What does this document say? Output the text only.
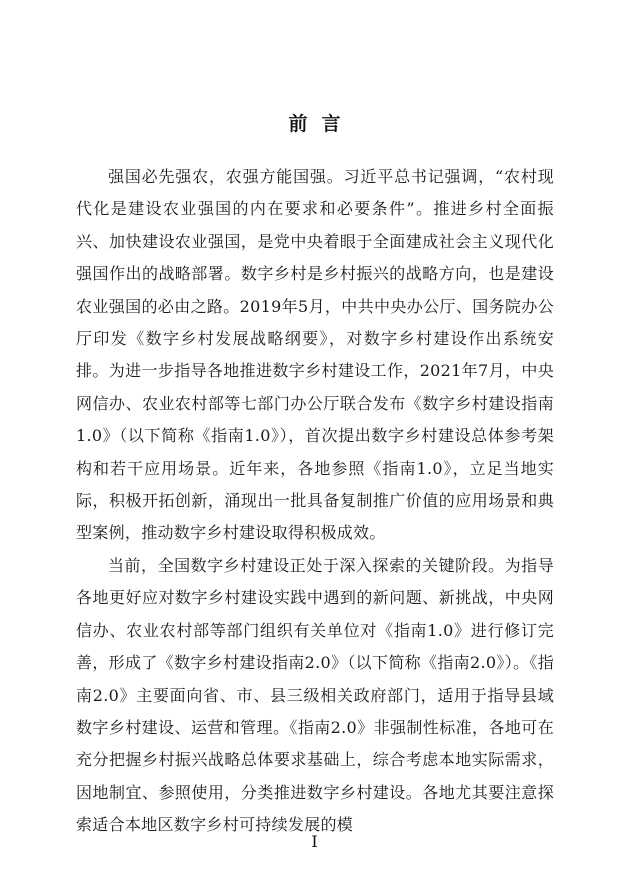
前言

强国必先强农，农强方能国强。习近平总书记强调，“农村现代化是建设农业强国的内在要求和必要条件”。推进乡村全面振兴、加快建设农业强国，是党中央着眼于全面建成社会主义现代化强国作出的战略部署。数字乡村是乡村振兴的战略方向，也是建设农业强国的必由之路。2019年5月，中共中央办公厅、国务院办公厅印发《数字乡村发展战略纲要》，对数字乡村建设作出系统安排。为进一步指导各地推进数字乡村建设工作，2021年7月，中央网信办、农业农村部等七部门办公厅联合发布《数字乡村建设指南1.0》（以下简称《指南1.0》），首次提出数字乡村建设总体参考架构和若干应用场景。近年来，各地参照《指南1.0》，立足当地实际，积极开拓创新，涌现出一批具备复制推广价值的应用场景和典型案例，推动数字乡村建设取得积极成效。

当前，全国数字乡村建设正处于深入探索的关键阶段。为指导各地更好应对数字乡村建设实践中遇到的新问题、新挑战，中央网信办、农业农村部等部门组织有关单位对《指南1.0》进行修订完善，形成了《数字乡村建设指南2.0》（以下简称《指南2.0》）。《指南2.0》主要面向省、市、县三级相关政府部门，适用于指导县域数字乡村建设、运营和管理。《指南2.0》非强制性标准，各地可在充分把握乡村振兴战略总体要求基础上，综合考虑本地实际需求，因地制宜、参照使用，分类推进数字乡村建设。各地尤其要注意探索适合本地区数字乡村可持续发展的模

I
